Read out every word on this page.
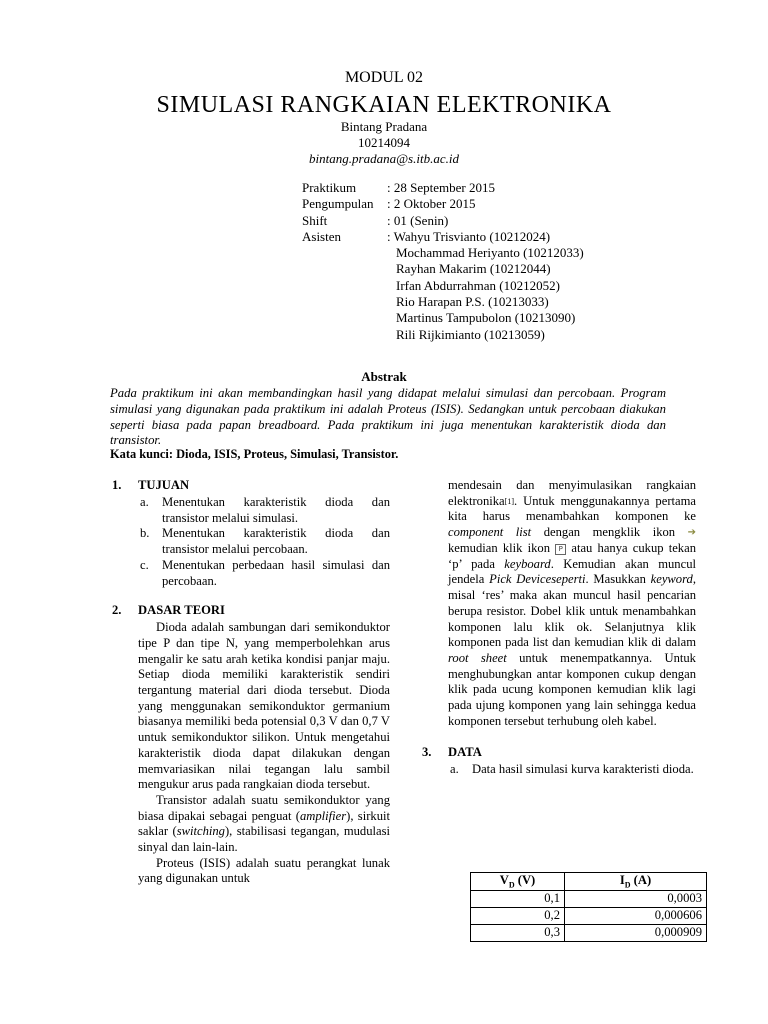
MODUL 02
SIMULASI RANGKAIAN ELEKTRONIKA
Bintang Pradana
10214094
bintang.pradana@s.itb.ac.id
Praktikum : 28 September 2015
Pengumpulan : 2 Oktober 2015
Shift	: 01 (Senin)
Asisten	: Wahyu Trisvianto (10212024)
Mochammad Heriyanto (10212033)
Rayhan Makarim (10212044)
Irfan Abdurrahman (10212052)
Rio Harapan P.S. (10213033)
Martinus Tampubolon (10213090)
Rili Rijkimianto (10213059)
Abstrak
Pada praktikum ini akan membandingkan hasil yang didapat melalui simulasi dan percobaan. Program simulasi yang digunakan pada praktikum ini adalah Proteus (ISIS). Sedangkan untuk percobaan diakukan seperti biasa pada papan breadboard. Pada praktikum ini juga menentukan karakteristik dioda dan transistor.
Kata kunci: Dioda, ISIS, Proteus, Simulasi, Transistor.
1. TUJUAN
a. Menentukan karakteristik dioda dan transistor melalui simulasi.
b. Menentukan karakteristik dioda dan transistor melalui percobaan.
c. Menentukan perbedaan hasil simulasi dan percobaan.
2. DASAR TEORI
Dioda adalah sambungan dari semikonduktor tipe P dan tipe N, yang memperbolehkan arus mengalir ke satu arah ketika kondisi panjar maju. Setiap dioda memiliki karakteristik sendiri tergantung material dari dioda tersebut. Dioda yang menggunakan semikonduktor germanium biasanya memiliki beda potensial 0,3 V dan 0,7 V untuk semikonduktor silikon. Untuk mengetahui karakteristik dioda dapat dilakukan dengan memvariasikan nilai tegangan lalu sambil mengukur arus pada rangkaian dioda tersebut.
Transistor adalah suatu semikonduktor yang biasa dipakai sebagai penguat (amplifier), sirkuit saklar (switching), stabilisasi tegangan, mudulasi sinyal dan lain-lain.
Proteus (ISIS) adalah suatu perangkat lunak yang digunakan untuk
mendesain dan menyimulasikan rangkaian elektronika[1]. Untuk menggunakannya pertama kita harus menambahkan komponen ke component list dengan mengklik ikon ➔ kemudian klik ikon P atau hanya cukup tekan ‘p’ pada keyboard. Kemudian akan muncul jendela Pick Deviceseperti. Masukkan keyword, misal ‘res’ maka akan muncul hasil pencarian berupa resistor. Dobel klik untuk menambahkan komponen lalu klik ok. Selanjutnya klik komponen pada list dan kemudian klik di dalam root sheet untuk menempatkannya. Untuk menghubungkan antar komponen cukup dengan klik pada ucung komponen kemudian klik lagi pada ujung komponen yang lain sehingga kedua komponen tersebut terhubung oleh kabel.
3. DATA
a. Data hasil simulasi kurva karakteristi dioda.
$V_D$ (V)	$I_D$ (A)
0,1	0,0003
0,2	0,000606
0,3	0,000909
